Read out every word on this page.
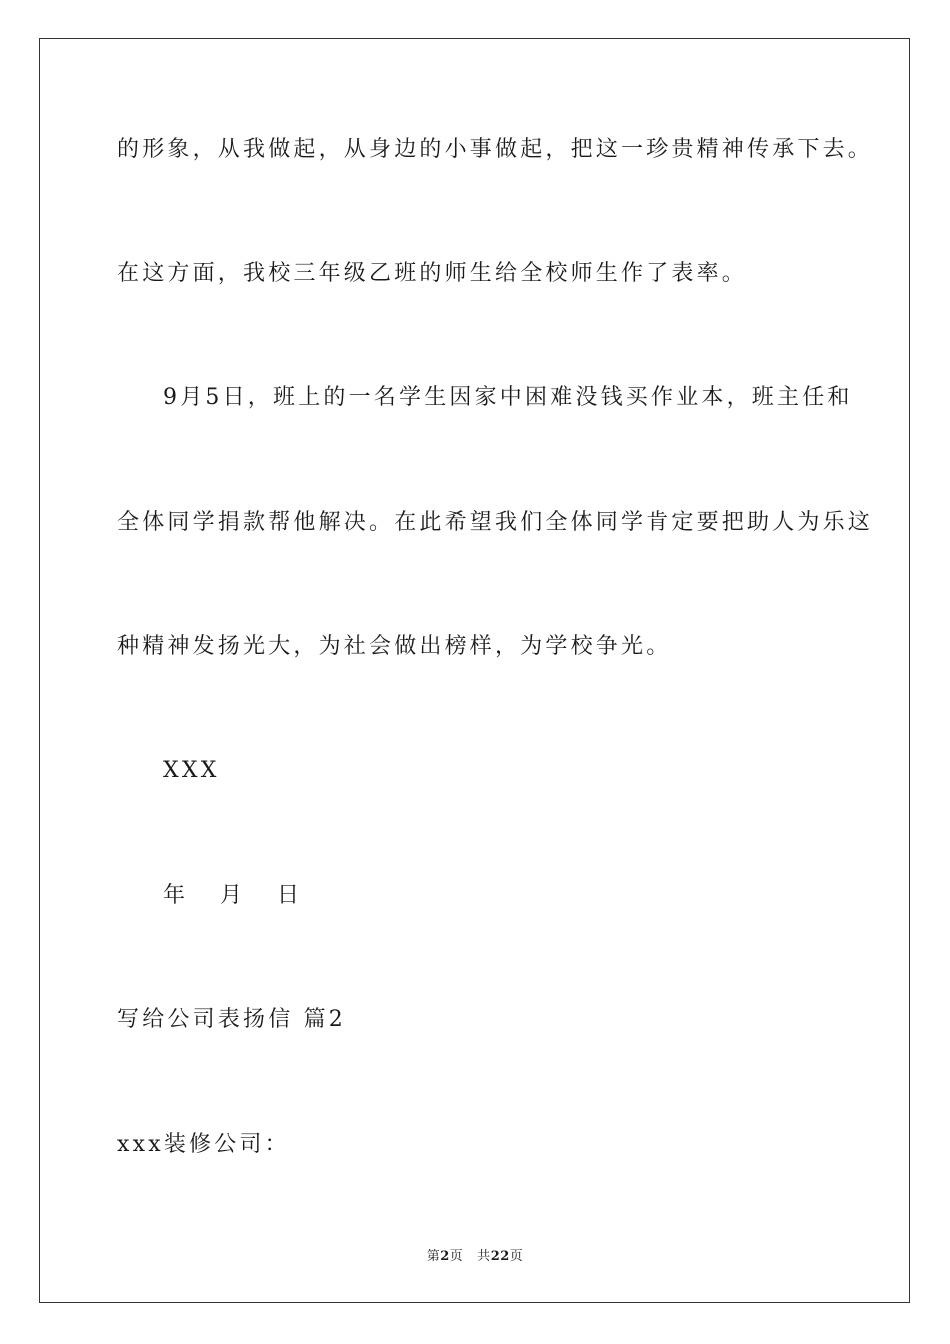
的形象，从我做起，从身边的小事做起，把这一珍贵精神传承下去。
在这方面，我校三年级乙班的师生给全校师生作了表率。
9月5日，班上的一名学生因家中困难没钱买作业本，班主任和
全体同学捐款帮他解决。在此希望我们全体同学肯定要把助人为乐这
种精神发扬光大，为社会做出榜样，为学校争光。
XXX
年 月 日
写给公司表扬信 篇2
xxx装修公司：
第2页 共22页
